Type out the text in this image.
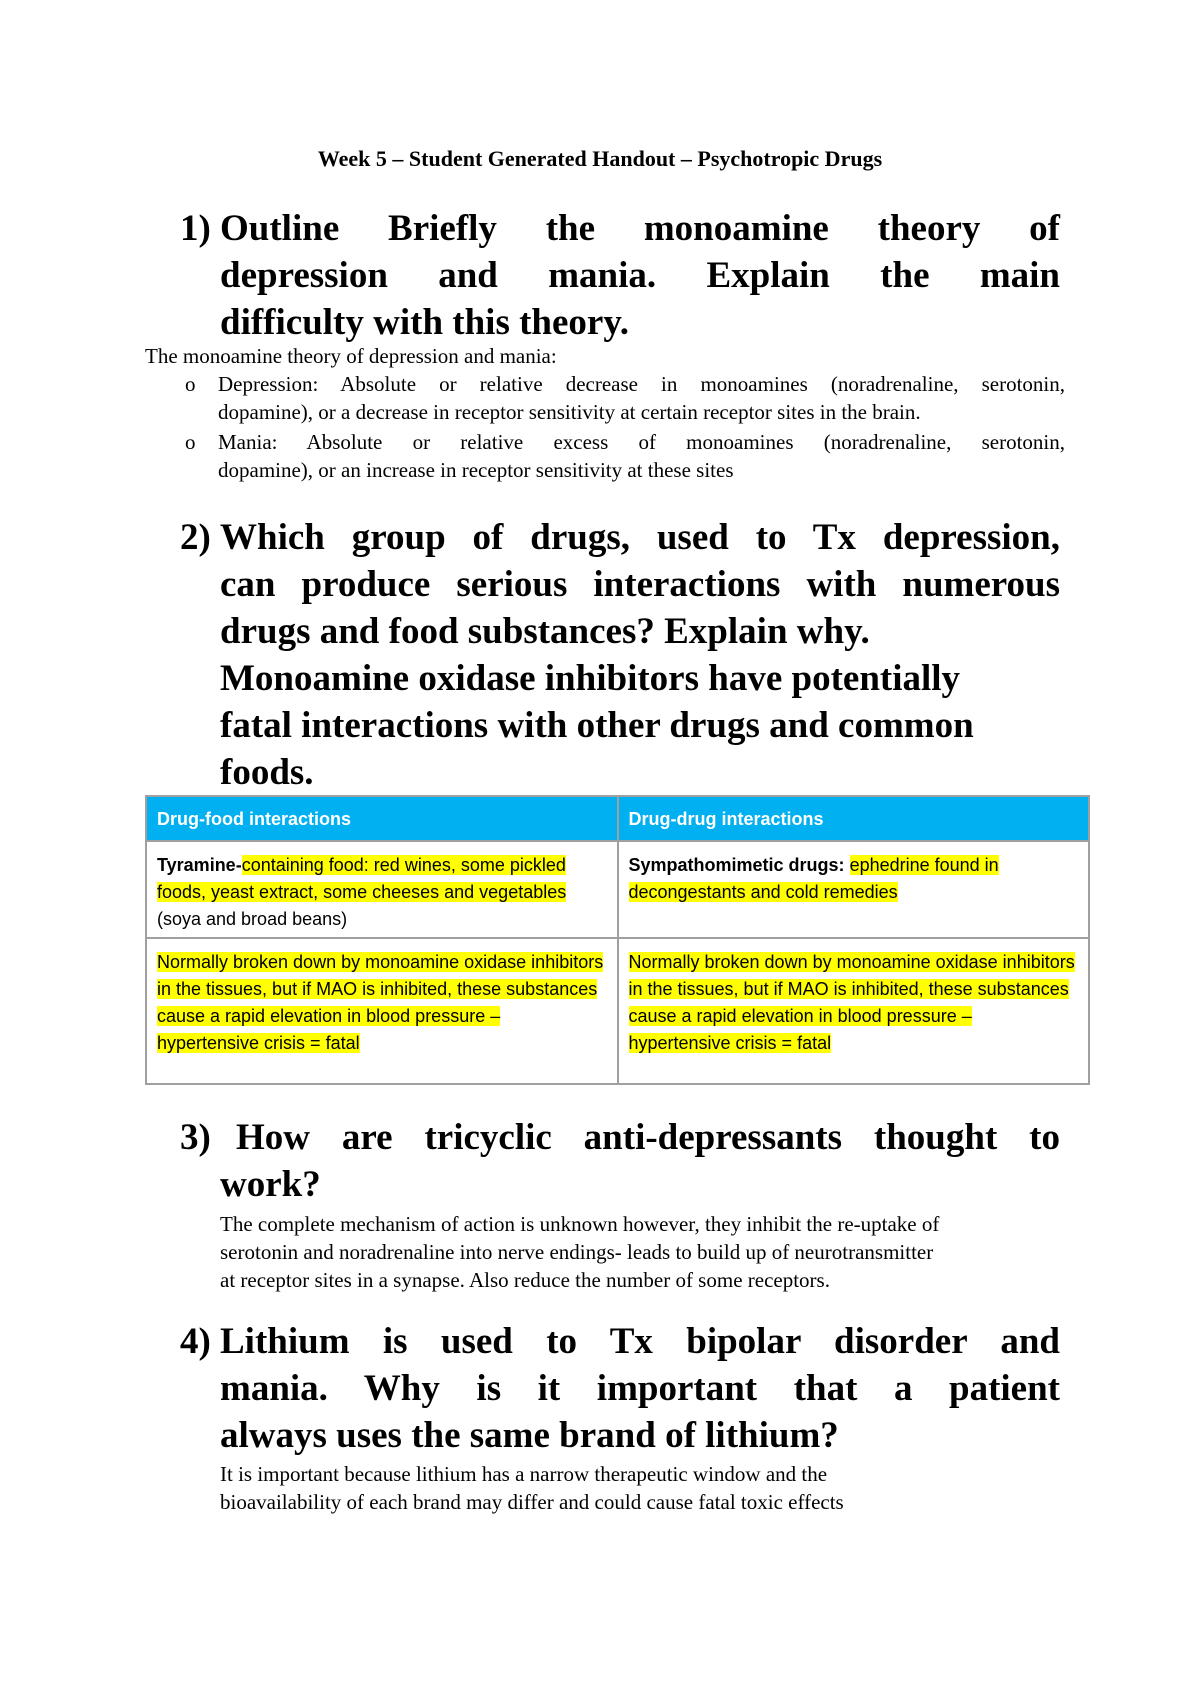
Week 5 – Student Generated Handout – Psychotropic Drugs
1) Outline Briefly the monoamine theory of
depression and mania. Explain the main
difficulty with this theory.
The monoamine theory of depression and mania:
o Depression: Absolute or relative decrease in monoamines (noradrenaline, serotonin,
dopamine), or a decrease in receptor sensitivity at certain receptor sites in the brain.
o Mania: Absolute or relative excess of monoamines (noradrenaline, serotonin,
dopamine), or an increase in receptor sensitivity at these sites
2) Which group of drugs, used to Tx depression,
can produce serious interactions with numerous
drugs and food substances? Explain why.
Monoamine oxidase inhibitors have potentially
fatal interactions with other drugs and common
foods.
Drug-food interactions	Drug-drug interactions
Tyramine-containing food: red wines, some pickled foods, yeast extract, some cheeses and vegetables (soya and broad beans)	Sympathomimetic drugs: ephedrine found in decongestants and cold remedies
Normally broken down by monoamine oxidase inhibitors in the tissues, but if MAO is inhibited, these substances cause a rapid elevation in blood pressure – hypertensive crisis = fatal	Normally broken down by monoamine oxidase inhibitors in the tissues, but if MAO is inhibited, these substances cause a rapid elevation in blood pressure – hypertensive crisis = fatal
3) How are tricyclic anti-depressants thought to
work?
The complete mechanism of action is unknown however, they inhibit the re-uptake of
serotonin and noradrenaline into nerve endings- leads to build up of neurotransmitter
at receptor sites in a synapse. Also reduce the number of some receptors.
4) Lithium is used to Tx bipolar disorder and
mania. Why is it important that a patient
always uses the same brand of lithium?
It is important because lithium has a narrow therapeutic window and the
bioavailability of each brand may differ and could cause fatal toxic effects
